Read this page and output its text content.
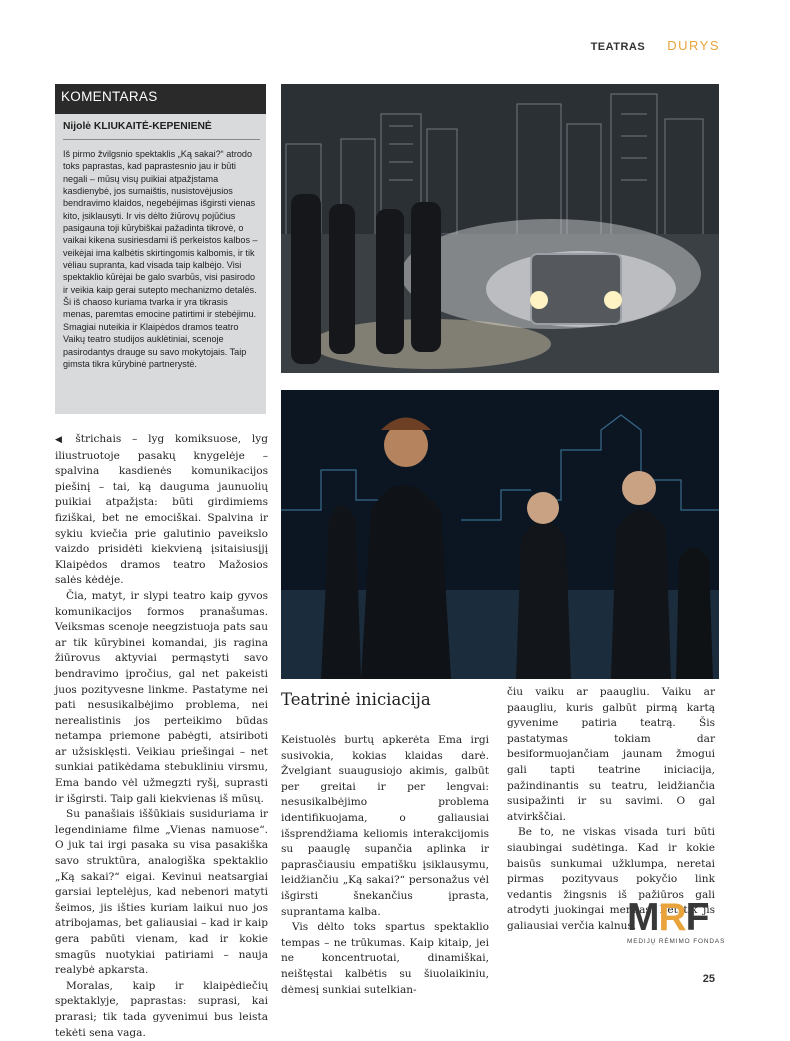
TEATRAS DURYS
KOMENTARAS
Nijolė KLIUKAITĖ-KEPENIENĖ

Iš pirmo žvilgsnio spektaklis „Ką sakai?“ atrodo toks paprastas, kad paprastesnio jau ir būti negali – mūsų visų puikiai atpažįstama kasdienybė, jos sumaištis, nusistovėjusios bendravimo klaidos, negebėjimas išgirsti vienas kito, įsiklausyti. Ir vis dėlto žiūrovų pojūčius pasigauna toji kūrybiškai pažadinta tikrovė, o vaikai kikena susiriesdami iš perkeistos kalbos – veikėjai ima kalbėtis skirtingomis kalbomis, ir tik vėliau supranta, kad visada taip kalbėjo. Visi spektaklio kūrėjai be galo svarbūs, visi pasirodo ir veikia kaip gerai sutepto mechanizmo detalės. Ši iš chaoso kuriama tvarka ir yra tikrasis menas, paremtas emocine patirtimi ir stebėjimu. Smagiai nuteikia ir Klaipėdos dramos teatro Vaikų teatro studijos auklėtiniai, scenoje pasirodantys drauge su savo mokytojais. Taip gimsta tikra kūrybinė partnerystė.

◀ štrichais – lyg komiksuose, lyg iliustruotoje pasakų knygelėje – spalvina kasdienės komunikacijos piešinį – tai, ką dauguma jaunuolių puikiai atpažįsta: būti girdimiems fiziškai, bet ne emociškai. Spalvina ir sykiu kviečia prie galutinio paveikslo vaizdo prisidėti kiekvieną įsitaisiusįjį Klaipėdos dramos teatro Mažosios salės kėdėje.

Čia, matyt, ir slypi teatro kaip gyvos komunikacijos formos pranašumas. Veiksmas scenoje neegzistuoja pats sau ar tik kūrybinei komandai, jis ragina žiūrovus aktyviai permąstyti savo bendravimo įpročius, gal net pakeisti juos pozityvesne linkme. Pastatyme nei pati nesusikalbėjimo problema, nei nerealistinis jos perteikimo būdas netampa priemone pabėgti, atsiriboti ar užsisklęsti. Veikiau priešingai – net sunkiai patikėdama stebukliniu virsmu, Ema bando vėl užmegzti ryšį, suprasti ir išgirsti. Taip gali kiekvienas iš mūsų.

Su panašiais iššūkiais susiduriama ir legendiniame filme „Vienas namuose“. O juk tai irgi pasaka su visa pasakiška savo struktūra, analogiška spektaklio „Ką sakai?“ eigai. Kevinui neatsargiai garsiai leptelėjus, kad nebenori matyti šeimos, jis išties kuriam laikui nuo jos atribojamas, bet galiausiai – kad ir kaip gera pabūti vienam, kad ir kokie smagūs nuotykiai patiriami – nauja realybė apkarsta.

Moralas, kaip ir klaipėdiečių spektaklyje, paprastas: suprasi, kai prarasi; tik tada gyvenimui bus leista tekėti sena vaga.

Teatrinė iniciacija

Keistuolės burtų apkerėta Ema irgi susivokia, kokias klaidas darė. Žvelgiant suaugusiojo akimis, galbūt per greitai ir per lengvai: nesusikalbėjimo problema identifikuojama, o galiausiai išsprendžiama keliomis interakcijomis su paauglę supančia aplinka ir paprasčiausiu empatišku įsiklausymu, leidžiančiu „Ką sakai?“ personažus vėl išgirsti šnekančius įprasta, suprantama kalba.

Vis dėlto toks spartus spektaklio tempas – ne trūkumas. Kaip kitaip, jei ne koncentruotai, dinamiškai, neištęstai kalbėtis su šiuolaikiniu, dėmesį sunkiai sutelkian-

čiu vaiku ar paaugliu. Vaiku ar paaugliu, kuris galbūt pirmą kartą gyvenime patiria teatrą. Šis pastatymas tokiam dar besiformuojančiam jaunam žmogui gali tapti teatrine iniciacija, pažindinantis su teatru, leidžiančia susipažinti ir su savimi. O gal atvirkščiai.

Be to, ne viskas visada turi būti siaubingai sudėtinga. Kad ir kokie baisūs sunkumai užklumpa, neretai pirmas pozityvaus pokyčio link vedantis žingsnis iš pažiūros gali atrodyti juokingai menkas. Bet tik jis galiausiai verčia kalnus.

MRF
MEDIJŲ RĖMIMO FONDAS
25
